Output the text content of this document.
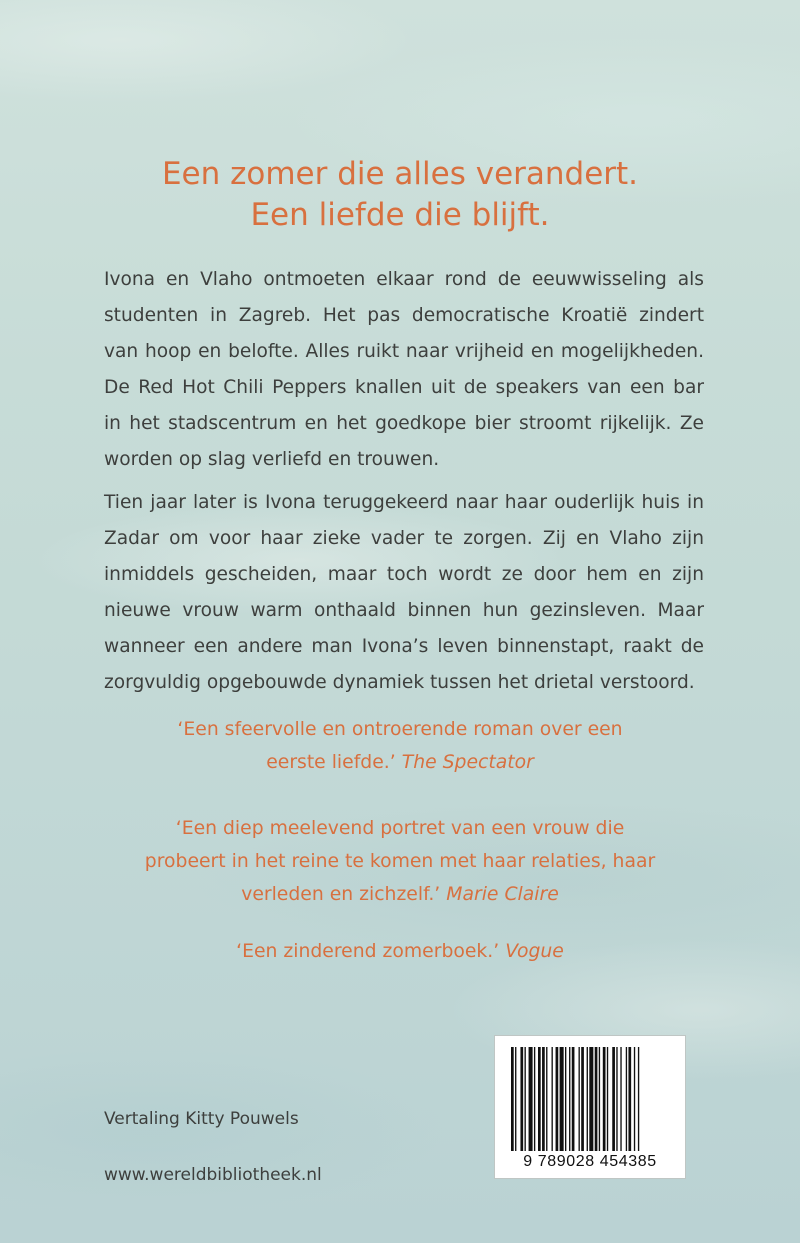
Een zomer die alles verandert.
Een liefde die blijft.
Ivona en Vlaho ontmoeten elkaar rond de eeuwwisseling als
studenten in Zagreb. Het pas democratische Kroatië zindert
van hoop en belofte. Alles ruikt naar vrijheid en mogelijkheden.
De Red Hot Chili Peppers knallen uit de speakers van een bar
in het stadscentrum en het goedkope bier stroomt rijkelijk. Ze
worden op slag verliefd en trouwen.
Tien jaar later is Ivona teruggekeerd naar haar ouderlijk huis in
Zadar om voor haar zieke vader te zorgen. Zij en Vlaho zijn
inmiddels gescheiden, maar toch wordt ze door hem en zijn
nieuwe vrouw warm onthaald binnen hun gezinsleven. Maar
wanneer een andere man Ivona’s leven binnenstapt, raakt de
zorgvuldig opgebouwde dynamiek tussen het drietal verstoord.
‘Een sfeervolle en ontroerende roman over een
eerste liefde.’ The Spectator
‘Een diep meelevend portret van een vrouw die
probeert in het reine te komen met haar relaties, haar
verleden en zichzelf.’ Marie Claire
‘Een zinderend zomerboek.’ Vogue

Vertaling Kitty Pouwels

www.wereldbibliotheek.nl

9 789028 454385
